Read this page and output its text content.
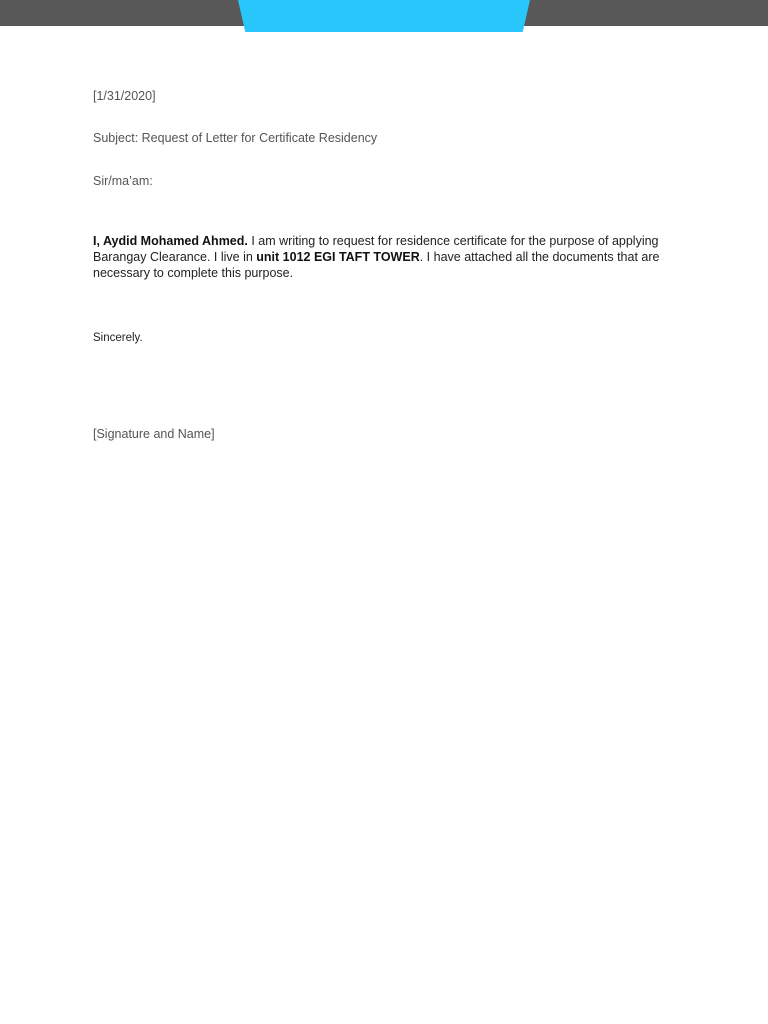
[1/31/2020]
Subject: Request of Letter for Certificate Residency
Sir/ma’am:
I, Aydid Mohamed Ahmed. I am writing to request for residence certificate for the purpose of applying Barangay Clearance. I live in unit 1012 EGI TAFT TOWER. I have attached all the documents that are necessary to complete this purpose.
Sincerely.
[Signature and Name]
